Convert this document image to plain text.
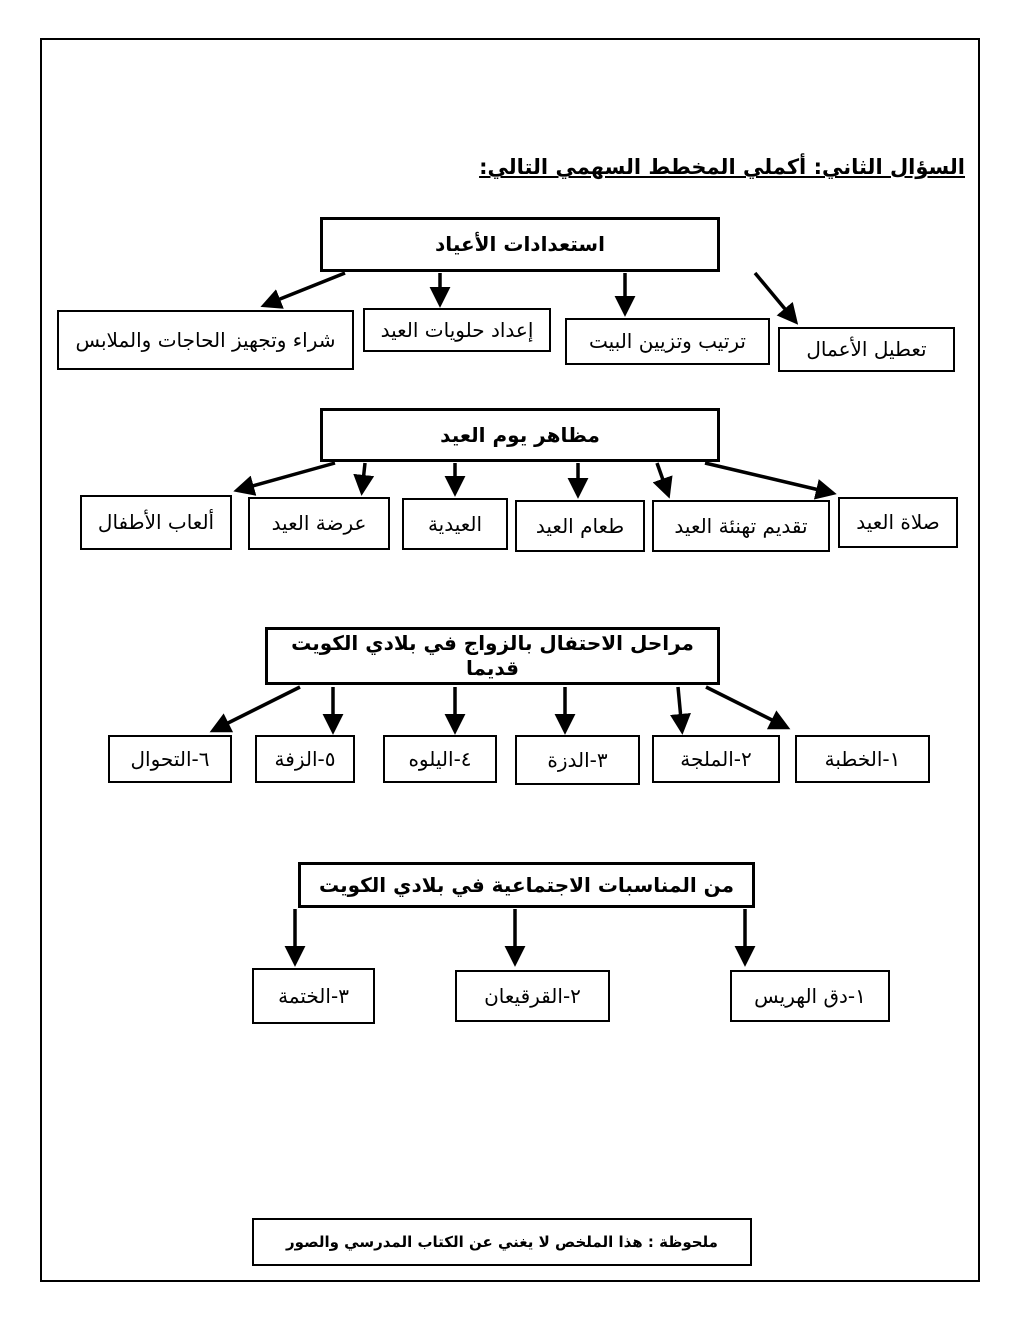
السؤال الثاني: أكملي المخطط السهمي التالي:
استعدادات الأعياد
تعطيل الأعمال
ترتيب وتزيين البيت
إعداد حلويات العيد
شراء وتجهيز الحاجات والملابس
مظاهر يوم العيد
صلاة العيد
تقديم تهنئة العيد
طعام العيد
العيدية
عرضة العيد
ألعاب الأطفال
مراحل الاحتفال بالزواج في بلادي الكويت قديما
١-الخطبة
٢-الملجة
٣-الدزة
٤-اليلوه
٥-الزفة
٦-التحوال
من المناسبات الاجتماعية في بلادي الكويت
١-دق الهريس
٢-القرقيعان
٣-الختمة
ملحوظة : هذا الملخص لا يغني عن الكتاب المدرسي والصور
